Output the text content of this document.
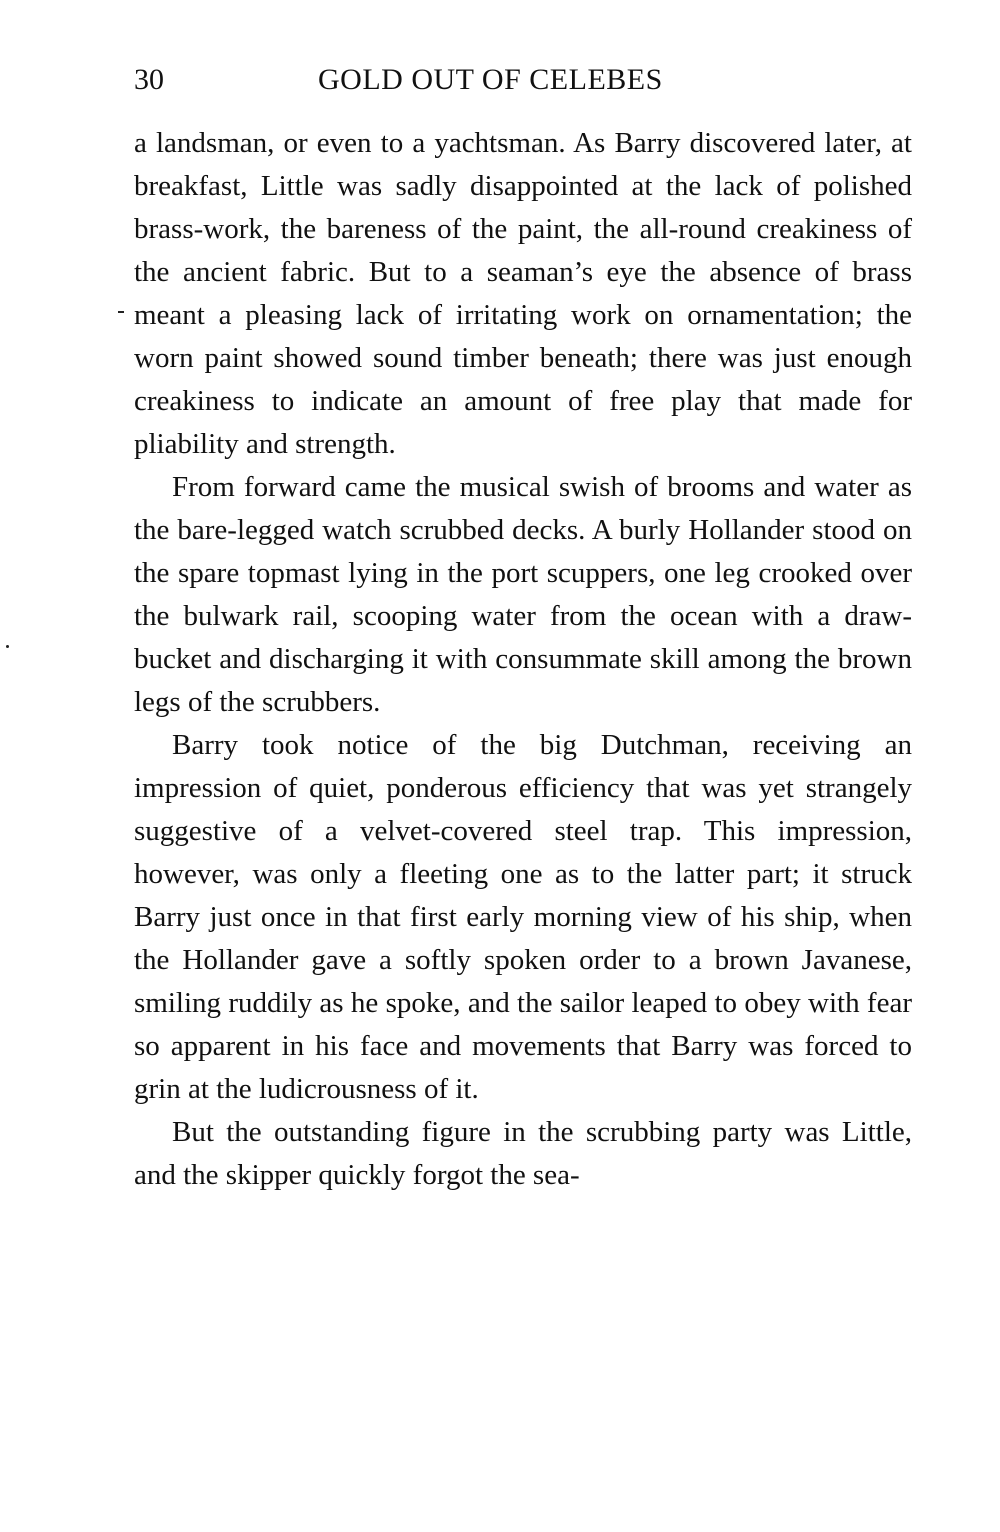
30	GOLD OUT OF CELEBES

a landsman, or even to a yachtsman. As Barry discovered later, at breakfast, Little was sadly disappointed at the lack of polished brass-work, the bareness of the paint, the all-round creakiness of the ancient fabric. But to a seaman’s eye the absence of brass meant a pleasing lack of irritating work on ornamentation; the worn paint showed sound timber beneath; there was just enough creakiness to indicate an amount of free play that made for pliability and strength.

From forward came the musical swish of brooms and water as the bare-legged watch scrubbed decks. A burly Hollander stood on the spare topmast lying in the port scuppers, one leg crooked over the bulwark rail, scooping water from the ocean with a draw-bucket and discharging it with consummate skill among the brown legs of the scrubbers.

Barry took notice of the big Dutchman, receiving an impression of quiet, ponderous efficiency that was yet strangely suggestive of a velvet-covered steel trap. This impression, however, was only a fleeting one as to the latter part; it struck Barry just once in that first early morning view of his ship, when the Hollander gave a softly spoken order to a brown Javanese, smiling ruddily as he spoke, and the sailor leaped to obey with fear so apparent in his face and movements that Barry was forced to grin at the ludicrousness of it.

But the outstanding figure in the scrubbing party was Little, and the skipper quickly forgot the sea-
